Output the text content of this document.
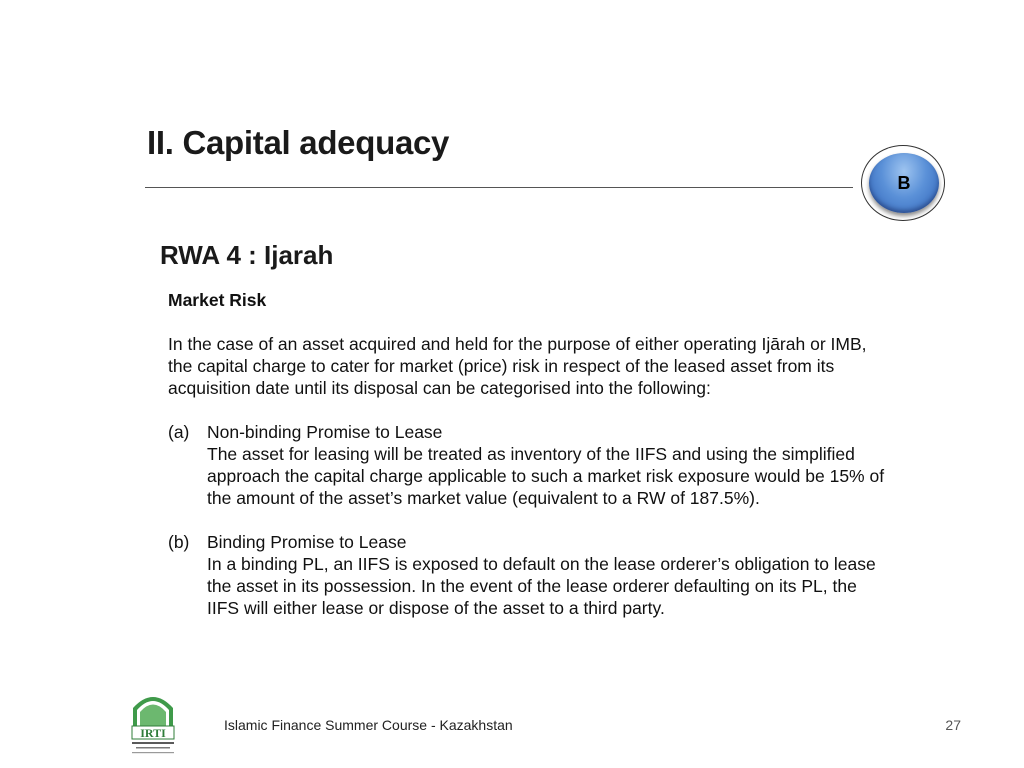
II. Capital adequacy
B
RWA 4 : Ijarah
Market Risk
In the case of an asset acquired and held for the purpose of either operating Ijārah or IMB, the capital charge to cater for market (price) risk in respect of the leased asset from its acquisition date until its disposal can be categorised into the following:
(a)	Non-binding Promise to Lease
The asset for leasing will be treated as inventory of the IIFS and using the simplified approach the capital charge applicable to such a market risk exposure would be 15% of the amount of the asset’s market value (equivalent to a RW of 187.5%).
(b)	Binding Promise to Lease
In a binding PL, an IIFS is exposed to default on the lease orderer’s obligation to lease the asset in its possession. In the event of the lease orderer defaulting on its PL, the IIFS will either lease or dispose of the asset to a third party.
IRTI	Islamic Finance Summer Course - Kazakhstan	27
